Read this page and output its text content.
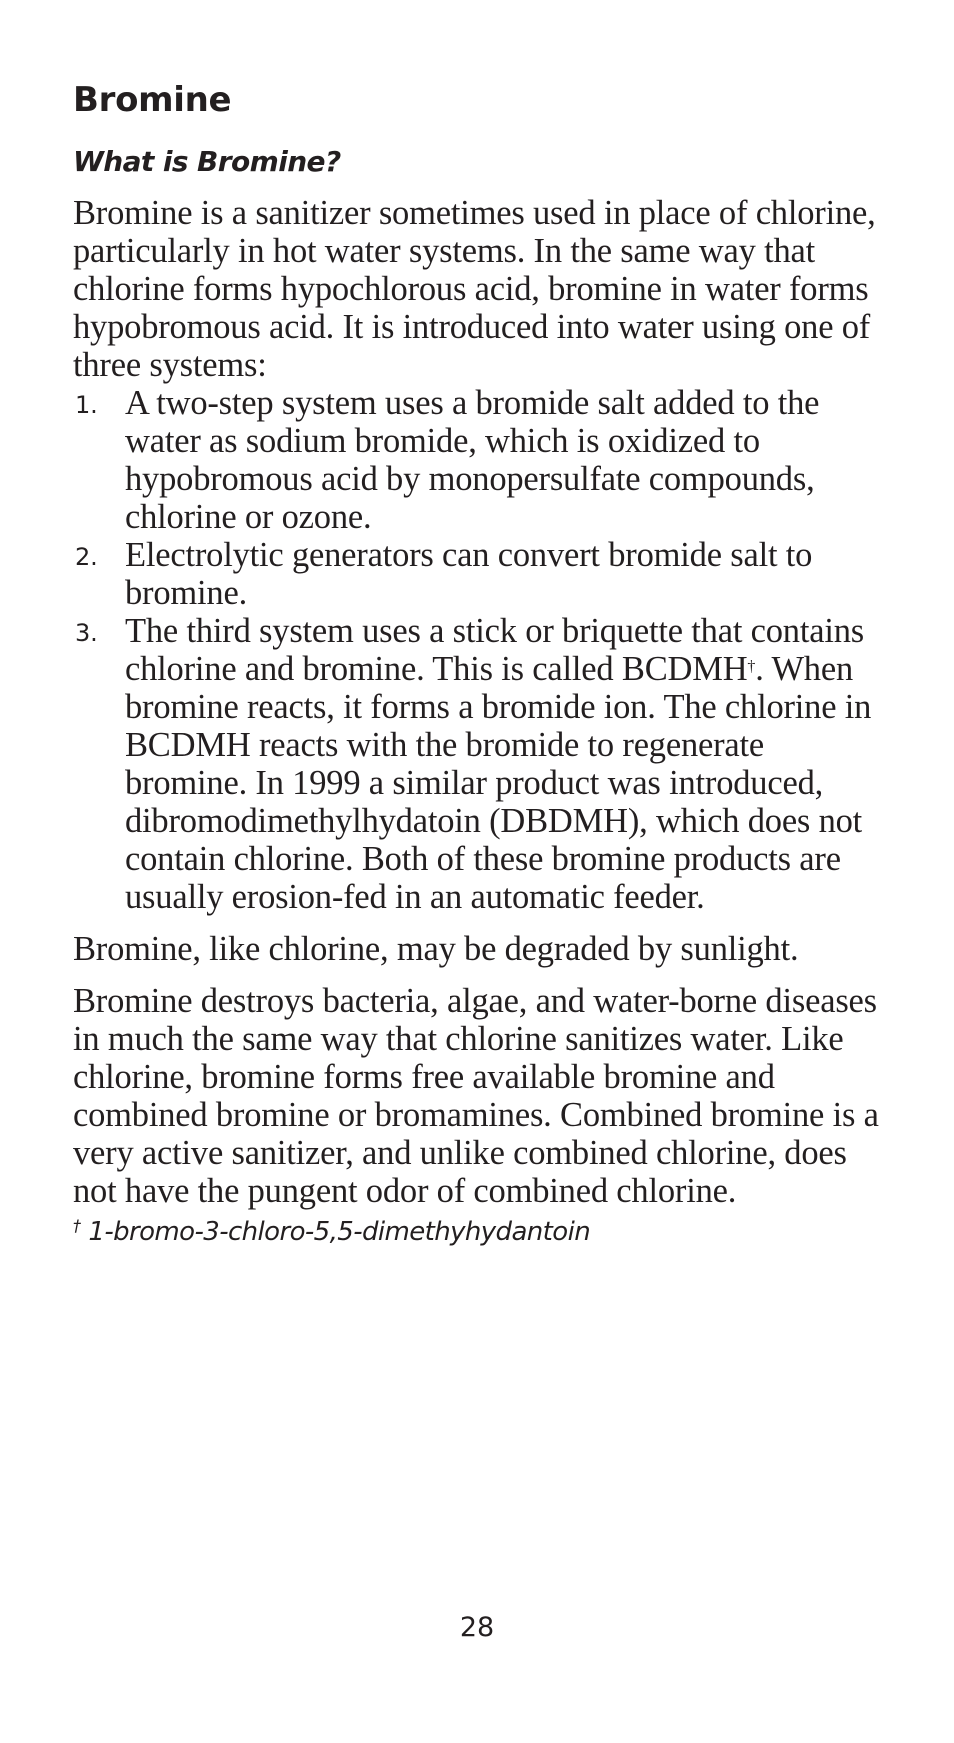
Bromine
What is Bromine?

Bromine is a sanitizer sometimes used in place of chlorine, particularly in hot water systems. In the same way that chlorine forms hypochlorous acid, bromine in water forms hypobromous acid. It is introduced into water using one of three systems:

1. A two-step system uses a bromide salt added to the water as sodium bromide, which is oxidized to hypobromous acid by monopersulfate compounds, chlorine or ozone.
2. Electrolytic generators can convert bromide salt to bromine.
3. The third system uses a stick or briquette that contains chlorine and bromine. This is called BCDMH†. When bromine reacts, it forms a bromide ion. The chlorine in BCDMH reacts with the bromide to regenerate bromine. In 1999 a similar product was introduced, dibromodimethylhydatoin (DBDMH), which does not contain chlorine. Both of these bromine products are usually erosion-fed in an automatic feeder.

Bromine, like chlorine, may be degraded by sunlight.

Bromine destroys bacteria, algae, and water-borne diseases in much the same way that chlorine sanitizes water. Like chlorine, bromine forms free available bromine and combined bromine or bromamines. Combined bromine is a very active sanitizer, and unlike combined chlorine, does not have the pungent odor of combined chlorine.

† 1-bromo-3-chloro-5,5-dimethyhydantoin
28
